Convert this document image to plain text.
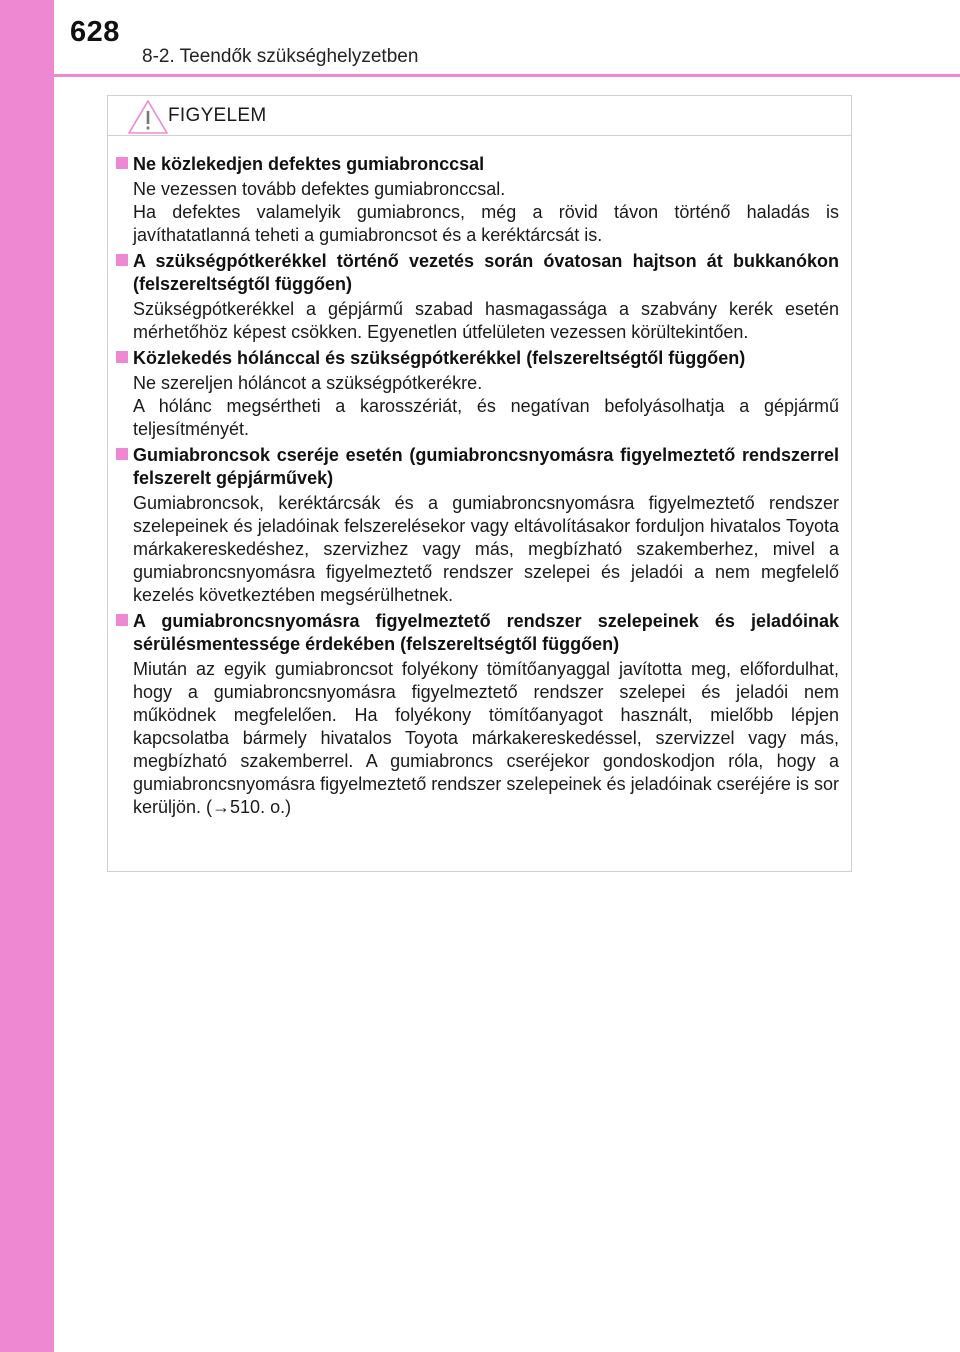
628
8-2. Teendők szükséghelyzetben
FIGYELEM
Ne közlekedjen defektes gumiabronccsal
Ne vezessen tovább defektes gumiabronccsal.
Ha defektes valamelyik gumiabroncs, még a rövid távon történő haladás is javíthatatlanná teheti a gumiabroncsot és a keréktárcsát is.
A szükségpótkerékkel történő vezetés során óvatosan hajtson át bukkanókon (felszereltségtől függően)
Szükségpótkerékkel a gépjármű szabad hasmagassága a szabvány kerék esetén mérhetőhöz képest csökken. Egyenetlen útfelületen vezessen körültekintően.
Közlekedés hólánccal és szükségpótkerékkel (felszereltségtől függően)
Ne szereljen hóláncot a szükségpótkerékre.
A hólánc megsértheti a karosszériát, és negatívan befolyásolhatja a gépjármű teljesítményét.
Gumiabroncsok cseréje esetén (gumiabroncsnyomásra figyelmeztető rendszerrel felszerelt gépjárművek)
Gumiabroncsok, keréktárcsák és a gumiabroncsnyomásra figyelmeztető rendszer szelepeinek és jeladóinak felszerelésekor vagy eltávolításakor forduljon hivatalos Toyota márkakereskedéshez, szervizhez vagy más, megbízható szakemberhez, mivel a gumiabroncsnyomásra figyelmeztető rendszer szelepei és jeladói a nem megfelelő kezelés következtében megsérülhetnek.
A gumiabroncsnyomásra figyelmeztető rendszer szelepeinek és jeladóinak sérülésmentessége érdekében (felszereltségtől függően)
Miután az egyik gumiabroncsot folyékony tömítőanyaggal javította meg, előfordulhat, hogy a gumiabroncsnyomásra figyelmeztető rendszer szelepei és jeladói nem működnek megfelelően. Ha folyékony tömítőanyagot használt, mielőbb lépjen kapcsolatba bármely hivatalos Toyota márkakereskedéssel, szervizzel vagy más, megbízható szakemberrel. A gumiabroncs cseréjekor gondoskodjon róla, hogy a gumiabroncsnyomásra figyelmeztető rendszer szelepeinek és jeladóinak cseréjére is sor kerüljön. (→510. o.)
